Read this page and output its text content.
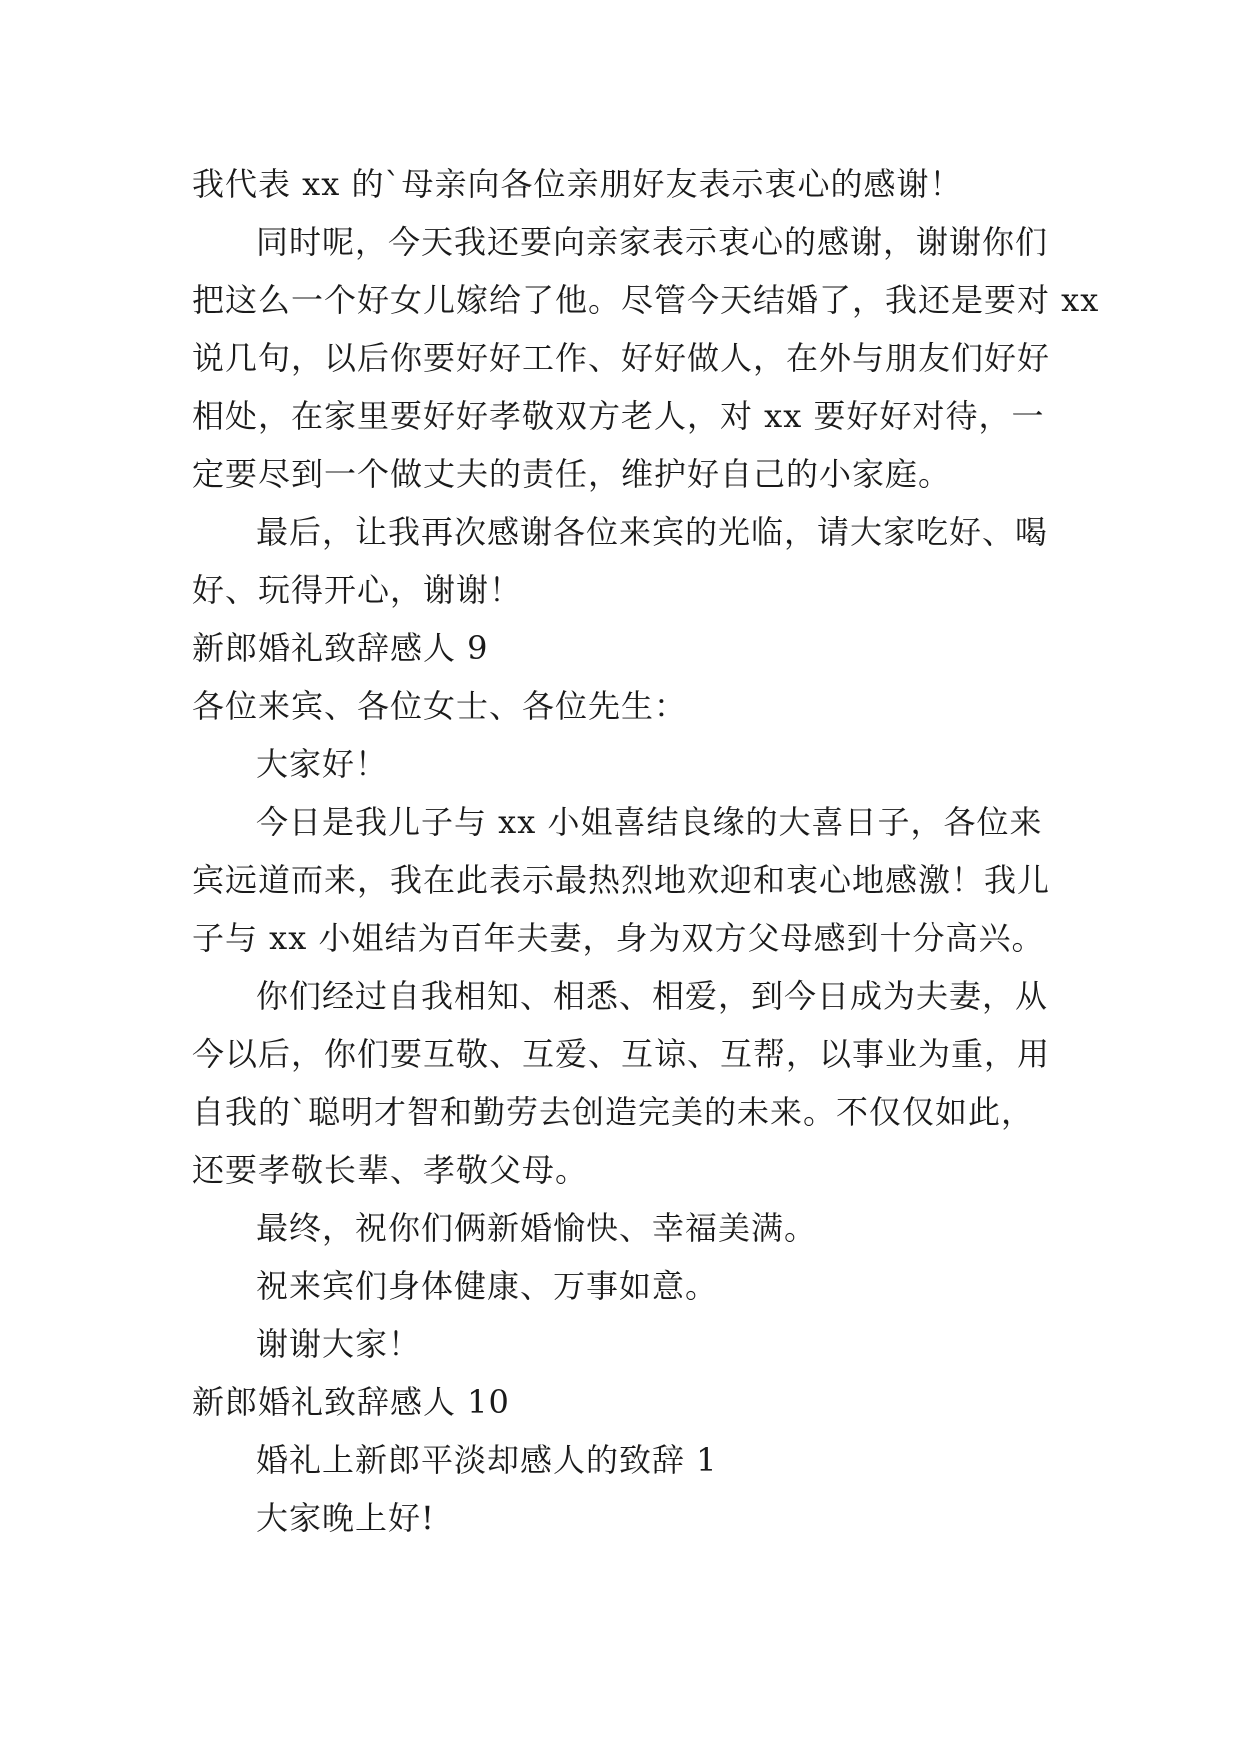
我代表 xx 的`母亲向各位亲朋好友表示衷心的感谢！
同时呢，今天我还要向亲家表示衷心的感谢，谢谢你们
把这么一个好女儿嫁给了他。尽管今天结婚了，我还是要对 xx
说几句，以后你要好好工作、好好做人，在外与朋友们好好
相处，在家里要好好孝敬双方老人，对 xx 要好好对待，一
定要尽到一个做丈夫的责任，维护好自己的小家庭。
最后，让我再次感谢各位来宾的光临，请大家吃好、喝
好、玩得开心，谢谢！
新郎婚礼致辞感人 9
各位来宾、各位女士、各位先生：
大家好！
今日是我儿子与 xx 小姐喜结良缘的大喜日子，各位来
宾远道而来，我在此表示最热烈地欢迎和衷心地感激！我儿
子与 xx 小姐结为百年夫妻，身为双方父母感到十分高兴。
你们经过自我相知、相悉、相爱，到今日成为夫妻，从
今以后，你们要互敬、互爱、互谅、互帮，以事业为重，用
自我的`聪明才智和勤劳去创造完美的未来。不仅仅如此，
还要孝敬长辈、孝敬父母。
最终，祝你们俩新婚愉快、幸福美满。
祝来宾们身体健康、万事如意。
谢谢大家！
新郎婚礼致辞感人 10
婚礼上新郎平淡却感人的致辞 1
大家晚上好!
